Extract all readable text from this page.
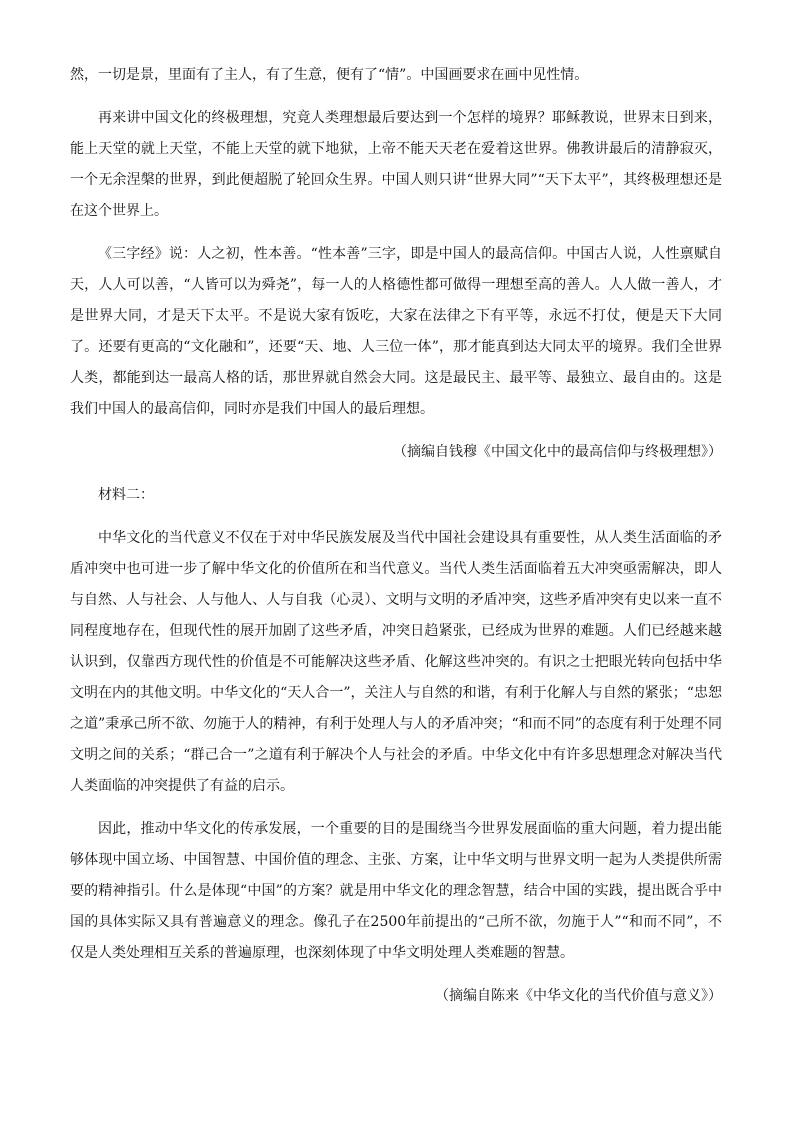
然，一切是景，里面有了主人，有了生意，便有了“情”。中国画要求在画中见性情。

再来讲中国文化的终极理想，究竟人类理想最后要达到一个怎样的境界？耶稣教说，世界末日到来，能上天堂的就上天堂，不能上天堂的就下地狱，上帝不能天天老在爱着这世界。佛教讲最后的清静寂灭，一个无余涅槃的世界，到此便超脱了轮回众生界。中国人则只讲“世界大同”“天下太平”，其终极理想还是在这个世界上。

《三字经》说：人之初，性本善。“性本善”三字，即是中国人的最高信仰。中国古人说，人性禀赋自天，人人可以善，“人皆可以为舜尧”，每一人的人格德性都可做得一理想至高的善人。人人做一善人，才是世界大同，才是天下太平。不是说大家有饭吃，大家在法律之下有平等，永远不打仗，便是天下大同了。还要有更高的“文化融和”，还要“天、地、人三位一体”，那才能真到达大同太平的境界。我们全世界人类，都能到达一最高人格的话，那世界就自然会大同。这是最民主、最平等、最独立、最自由的。这是我们中国人的最高信仰，同时亦是我们中国人的最后理想。

（摘编自钱穆《中国文化中的最高信仰与终极理想》）

材料二：

中华文化的当代意义不仅在于对中华民族发展及当代中国社会建设具有重要性，从人类生活面临的矛盾冲突中也可进一步了解中华文化的价值所在和当代意义。当代人类生活面临着五大冲突亟需解决，即人与自然、人与社会、人与他人、人与自我（心灵）、文明与文明的矛盾冲突，这些矛盾冲突有史以来一直不同程度地存在，但现代性的展开加剧了这些矛盾，冲突日趋紧张，已经成为世界的难题。人们已经越来越认识到，仅靠西方现代性的价值是不可能解决这些矛盾、化解这些冲突的。有识之士把眼光转向包括中华文明在内的其他文明。中华文化的“天人合一”，关注人与自然的和谐，有利于化解人与自然的紧张；“忠恕之道”秉承己所不欲、勿施于人的精神，有利于处理人与人的矛盾冲突；“和而不同”的态度有利于处理不同文明之间的关系；“群己合一”之道有利于解决个人与社会的矛盾。中华文化中有许多思想理念对解决当代人类面临的冲突提供了有益的启示。

因此，推动中华文化的传承发展，一个重要的目的是围绕当今世界发展面临的重大问题，着力提出能够体现中国立场、中国智慧、中国价值的理念、主张、方案，让中华文明与世界文明一起为人类提供所需要的精神指引。什么是体现“中国”的方案？就是用中华文化的理念智慧，结合中国的实践，提出既合乎中国的具体实际又具有普遍意义的理念。像孔子在2500年前提出的“己所不欲，勿施于人”“和而不同”，不仅是人类处理相互关系的普遍原理，也深刻体现了中华文明处理人类难题的智慧。

（摘编自陈来《中华文化的当代价值与意义》）
